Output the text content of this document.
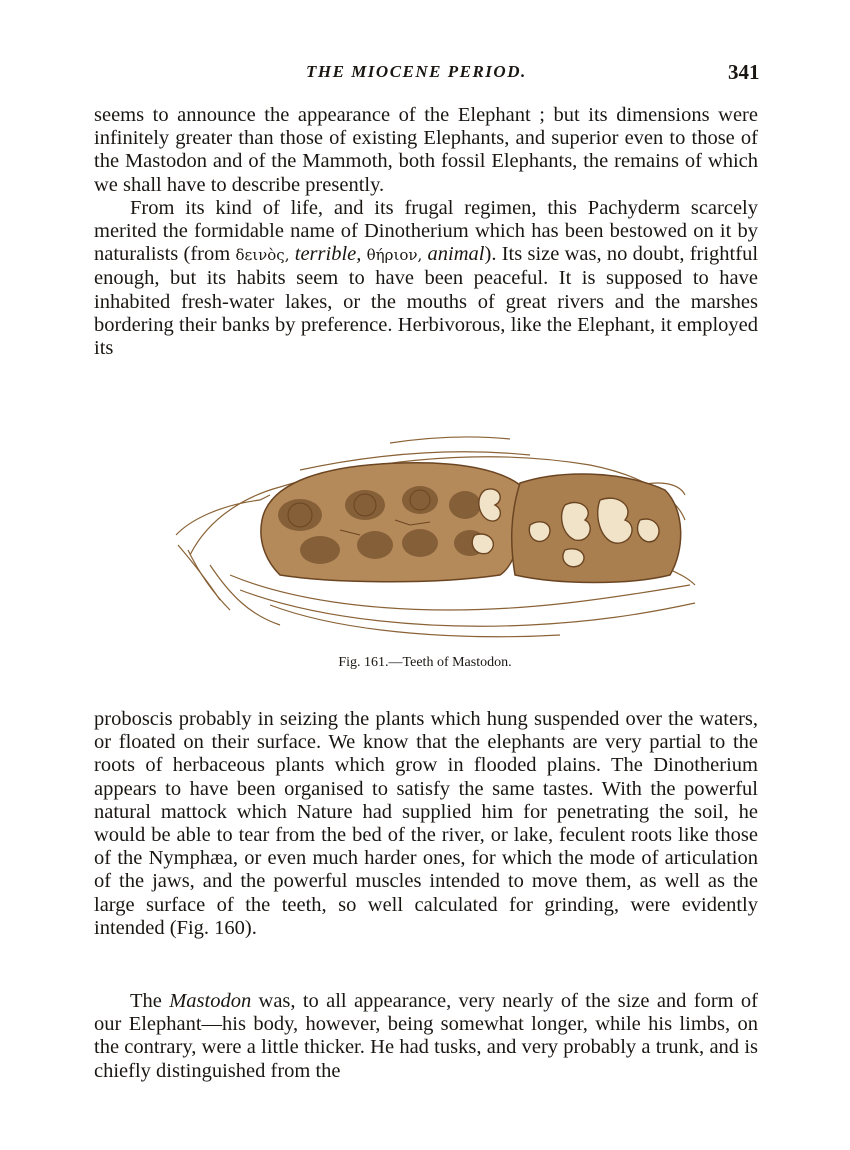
THE MIOCENE PERIOD.	341

seems to announce the appearance of the Elephant ; but its dimensions were infinitely greater than those of existing Elephants, and superior even to those of the Mastodon and of the Mammoth, both fossil Elephants, the remains of which we shall have to describe presently.

From its kind of life, and its frugal regimen, this Pachyderm scarcely merited the formidable name of Dinotherium which has been bestowed on it by naturalists (from δεινὸς, terrible, θήριον, animal). Its size was, no doubt, frightful enough, but its habits seem to have been peaceful. It is supposed to have inhabited fresh-water lakes, or the mouths of great rivers and the marshes bordering their banks by preference. Herbivorous, like the Elephant, it employed its

Fig. 161.—Teeth of Mastodon.

proboscis probably in seizing the plants which hung suspended over the waters, or floated on their surface. We know that the elephants are very partial to the roots of herbaceous plants which grow in flooded plains. The Dinotherium appears to have been organised to satisfy the same tastes. With the powerful natural mattock which Nature had supplied him for penetrating the soil, he would be able to tear from the bed of the river, or lake, feculent roots like those of the Nymphæa, or even much harder ones, for which the mode of articulation of the jaws, and the powerful muscles intended to move them, as well as the large surface of the teeth, so well calculated for grinding, were evidently intended (Fig. 160).

The Mastodon was, to all appearance, very nearly of the size and form of our Elephant—his body, however, being somewhat longer, while his limbs, on the contrary, were a little thicker. He had tusks, and very probably a trunk, and is chiefly distinguished from the
